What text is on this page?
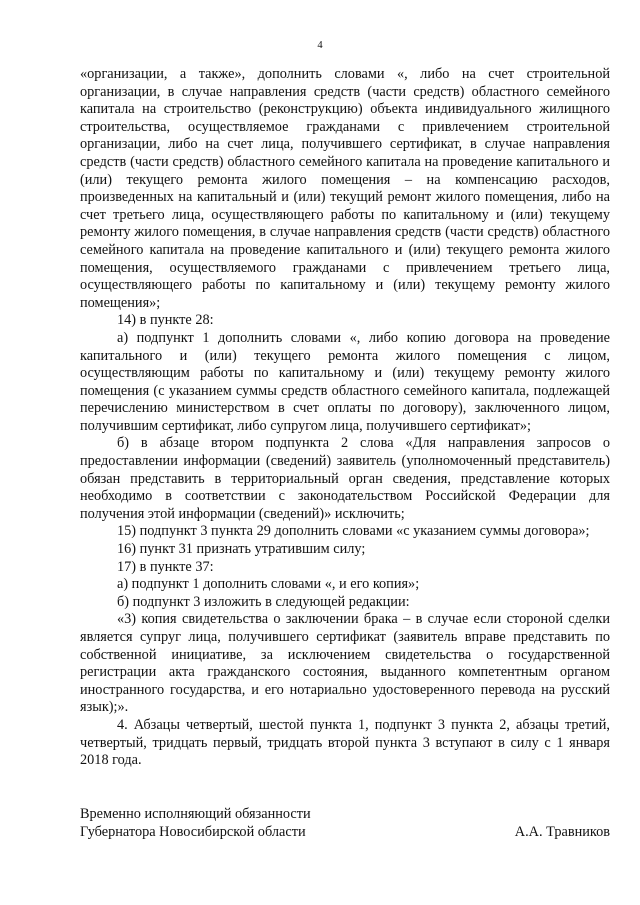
4

«организации, а также», дополнить словами «, либо на счет строительной организации, в случае направления средств (части средств) областного семейного капитала на строительство (реконструкцию) объекта индивидуального жилищного строительства, осуществляемое гражданами с привлечением строительной организации, либо на счет лица, получившего сертификат, в случае направления средств (части средств) областного семейного капитала на проведение капитального и (или) текущего ремонта жилого помещения – на компенсацию расходов, произведенных на капитальный и (или) текущий ремонт жилого помещения, либо на счет третьего лица, осуществляющего работы по капитальному и (или) текущему ремонту жилого помещения, в случае направления средств (части средств) областного семейного капитала на проведение капитального и (или) текущего ремонта жилого помещения, осуществляемого гражданами с привлечением третьего лица, осуществляющего работы по капитальному и (или) текущему ремонту жилого помещения»;

14) в пункте 28:

а) подпункт 1 дополнить словами «, либо копию договора на проведение капитального и (или) текущего ремонта жилого помещения с лицом, осуществляющим работы по капитальному и (или) текущему ремонту жилого помещения (с указанием суммы средств областного семейного капитала, подлежащей перечислению министерством в счет оплаты по договору), заключенного лицом, получившим сертификат, либо супругом лица, получившего сертификат»;

б) в абзаце втором подпункта 2 слова «Для направления запросов о предоставлении информации (сведений) заявитель (уполномоченный представитель) обязан представить в территориальный орган сведения, представление которых необходимо в соответствии с законодательством Российской Федерации для получения этой информации (сведений)» исключить;

15) подпункт 3 пункта 29 дополнить словами «с указанием суммы договора»;

16) пункт 31 признать утратившим силу;

17) в пункте 37:

а) подпункт 1 дополнить словами «, и его копия»;

б) подпункт 3 изложить в следующей редакции:

«3) копия свидетельства о заключении брака – в случае если стороной сделки является супруг лица, получившего сертификат (заявитель вправе представить по собственной инициативе, за исключением свидетельства о государственной регистрации акта гражданского состояния, выданного компетентным органом иностранного государства, и его нотариально удостоверенного перевода на русский язык);».

4. Абзацы четвертый, шестой пункта 1, подпункт 3 пункта 2, абзацы третий, четвертый, тридцать первый, тридцать второй пункта 3 вступают в силу с 1 января 2018 года.

Временно исполняющий обязанности
Губернатора Новосибирской области	А.А. Травников
